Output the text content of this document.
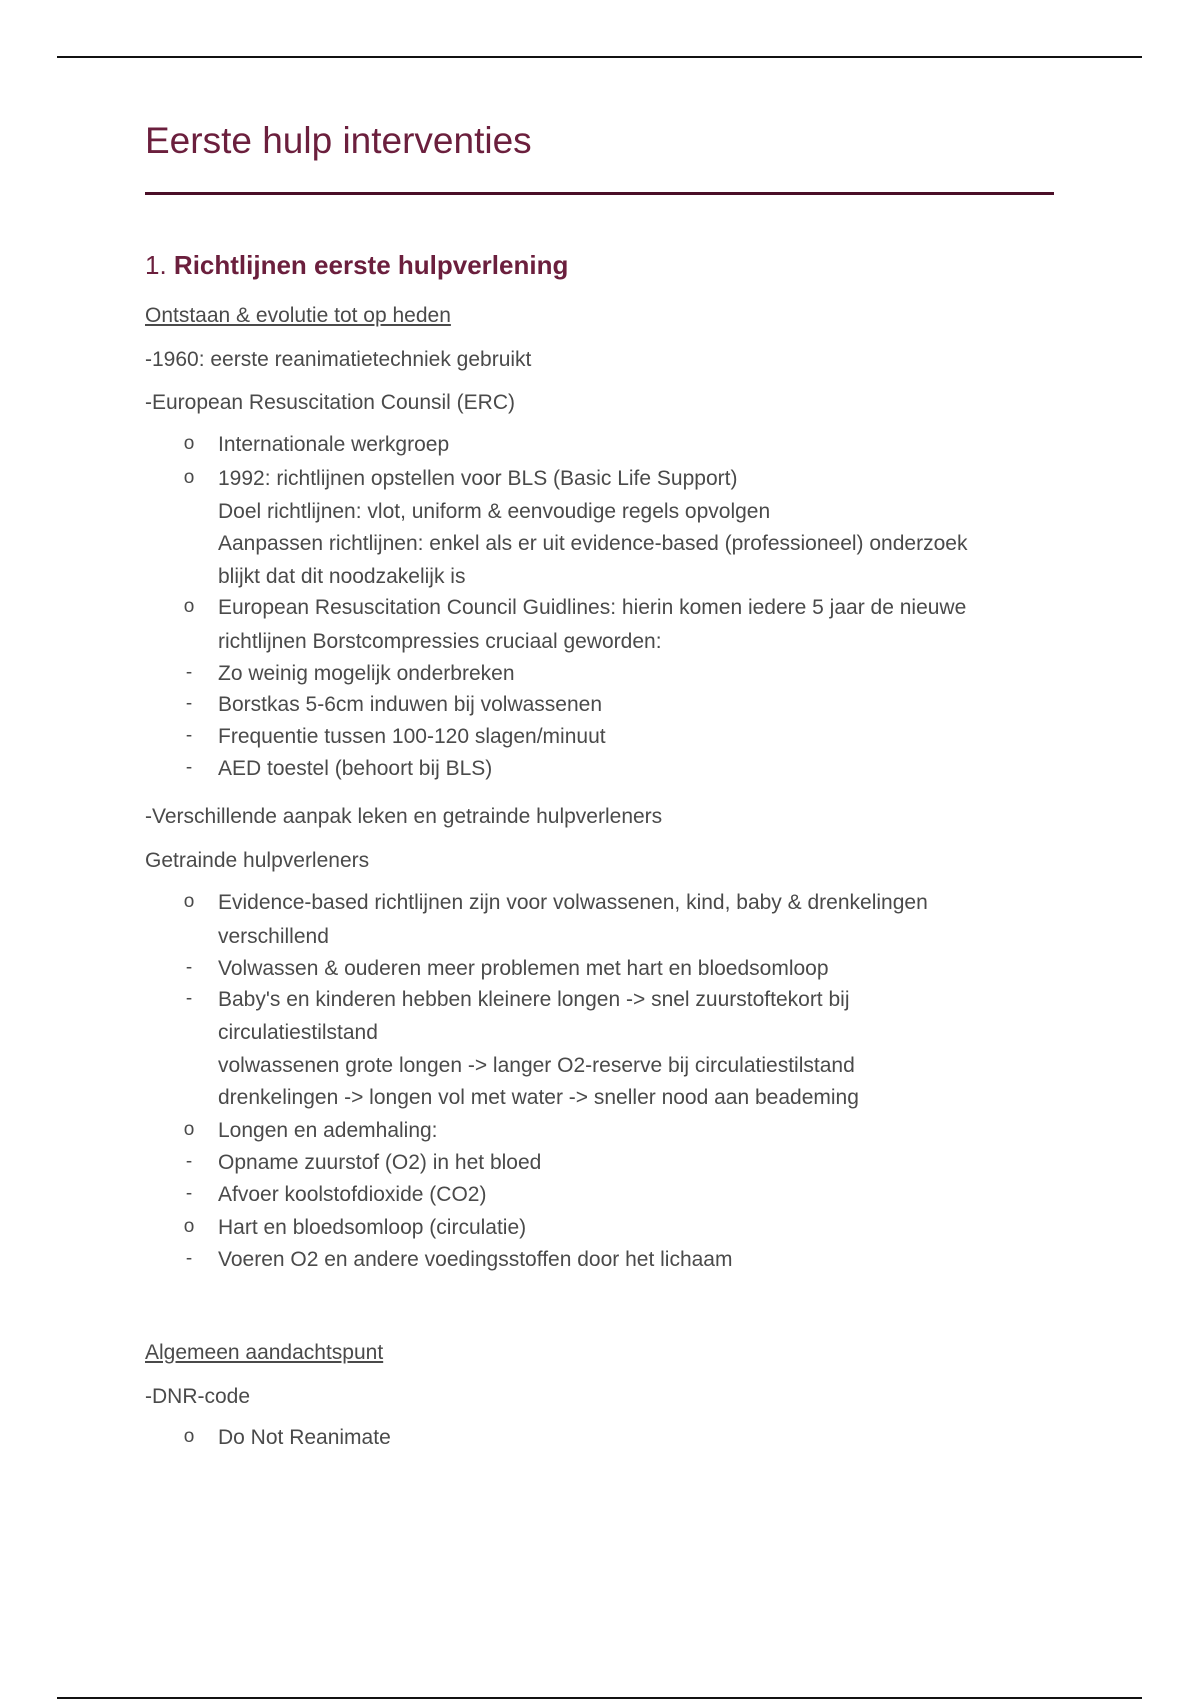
Eerste hulp interventies
1. Richtlijnen eerste hulpverlening
Ontstaan & evolutie tot op heden
-1960: eerste reanimatietechniek gebruikt
-European Resuscitation Counsil (ERC)
o Internationale werkgroep
o 1992: richtlijnen opstellen voor BLS (Basic Life Support)
Doel richtlijnen: vlot, uniform & eenvoudige regels opvolgen
Aanpassen richtlijnen: enkel als er uit evidence-based (professioneel) onderzoek
blijkt dat dit noodzakelijk is
o European Resuscitation Council Guidlines: hierin komen iedere 5 jaar de nieuwe
richtlijnen Borstcompressies cruciaal geworden:
- Zo weinig mogelijk onderbreken
- Borstkas 5-6cm induwen bij volwassenen
- Frequentie tussen 100-120 slagen/minuut
- AED toestel (behoort bij BLS)
-Verschillende aanpak leken en getrainde hulpverleners
Getrainde hulpverleners
o Evidence-based richtlijnen zijn voor volwassenen, kind, baby & drenkelingen
verschillend
- Volwassen & ouderen meer problemen met hart en bloedsomloop
- Baby's en kinderen hebben kleinere longen -> snel zuurstoftekort bij
circulatiestilstand
volwassenen grote longen -> langer O2-reserve bij circulatiestilstand
drenkelingen -> longen vol met water -> sneller nood aan beademing
o Longen en ademhaling:
- Opname zuurstof (O2) in het bloed
- Afvoer koolstofdioxide (CO2)
o Hart en bloedsomloop (circulatie)
- Voeren O2 en andere voedingsstoffen door het lichaam
Algemeen aandachtspunt
-DNR-code
o Do Not Reanimate
